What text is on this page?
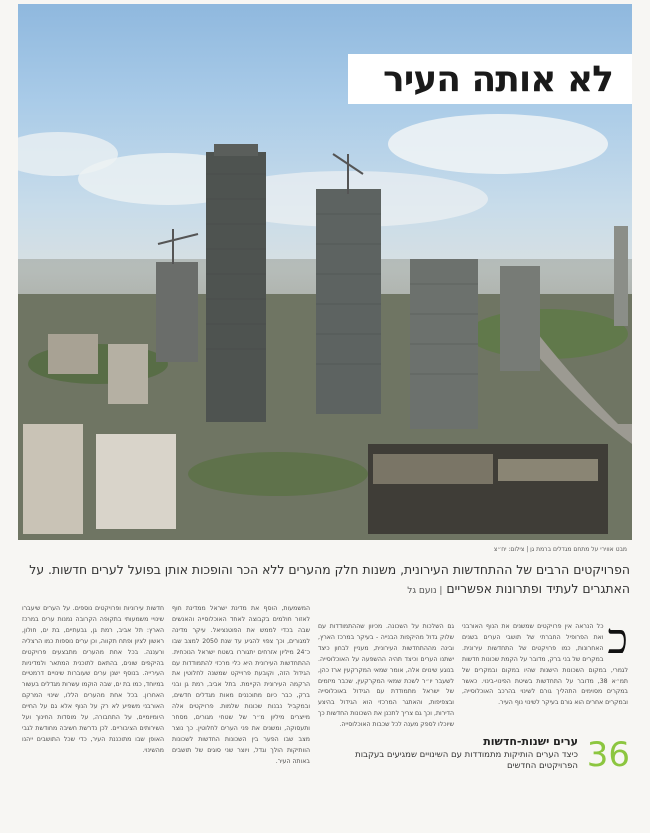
לא אותה העיר
מבט אווירי על מתחם מגדלים ברמת גן | צילום: יח״צ
הפרויקטים הרבים של ההתחדשות העירונית, משנות חלק מהערים ללא הכר והופכות אותן בפועל לערים חדשות. על האתגרים לעתיד ופתרונות אפשריים | נועם גל
כ
כל הנראה אין פרויקטים שמשנים את הנוף האורבני ואת הפרופיל החברתי של תושבי הערים בשנים האחרונות, כמו פרויקטים של התחדשות עירונית. במקרים של בני ברק, מדובר על הקמת שכונות חדשות לגמרי, במקום השכונות הישנות שהיו במקום ובמקרים של תמ״א 38, מדובר על התחדשות בשיטת הפינוי-בינוי. כאשר במקרים מסוימים התהליך גורם לשינוי בהרכב האוכלוסייה, ובמקרים אחרים הוא גורם בעיקר לשינוי נוף העיר.
גם השלכות על השכונה. מכיוון שההתמודדות עם שלוק גדול מהיקפות הבנייה - בעיקר במרכז הארץ, ובינה מההתחדשות העירונית, מעניין לבחון כיצד ישתנו הערים וכיצד תהיה ההשפעה על האוכלוסייה. בנוגע שינוים אלה, אומר שמאי המקרקעין ארז כהן, לשעבר יו״ר לשכת שמאי המקרקעין, שכבר מיזמים של ישראל מתמודדת עם הגידול באוכלוסייה ובצפיפות, והאתגר המרכזי הוא הגידול בהיצע הדירות, וכך גם צריך לתכנן את השכונות החדשות כך שיוכלו לספק מענה לכל שכבות האוכלוסייה.
המשמעות, הוסף את מדינת ישראל ממדינת חוף לאזור חולמים בקבוצה לאחד האוכלוסייה והאנשים שבה בכדי לממש את הפוטנציאל. עיקר מדינה למגורים, וכך צפוי להגיע עד שנת 2050 למצב שבו כ־24 מיליון אזרחים יתגוררו בשטח ישראל הנוכחית. ההתחדשות העירונית היא כלי מרכזי להתמודדות עם הגידול הזה, וקובעת פרוייקט שמשנה לחלוטין את הרקמה העירונית הקיימת. בתל אביב, רמת גן ובני ברק, כבר כיום מתוכננים מאות מגדלים חדשים, ובמקביל נבנות שכונות שלמות. פרויקטים אלה מייצרים מיליון מ״ר של שטחי מגורים, מסחר ותעסוקה, ומשנים את פני הערים לחלוטין. כך נוצר מצב שבו הפער בין השכונות החדשות לשכונות הוותיקות הולך וגדל, ויוצר שני סוגים של תושבים באותה העיר.
חדשות עירוניות ופרויקטים נוספים. על הערים שיעברו שינויי משמעותי בתקופה הקרובה נמנות ערים במרכז הארץ: תל אביב, רמת גן, גבעתיים, בת ים, חולון, ראשון לציון ופתח תקווה, וכן ערים נוספות כמו הרצליה ורעננה. בכל אחת מהערים מתבצעים פרויקטים בהיקפים שונים, בהתאם לתוכנית המתאר ולמדיניות העירייה. בנוסף ישנן ערים שעוברות שינויים דרמטיים במיוחד, כמו בת ים, שבה הוקמו עשרות מגדלים בעשור האחרון. בכל אחת מהערים הללו, שינוי המרקם האורבני משפיע לא רק על הנוף אלא גם על החיים היומיומיים, על התחבורה, על מוסדות החינוך ועל השירותים הציבוריים. לכן נדרשת חשיבה מחודשת לגבי האופן שבו מתוכננת העיר, כדי שכל התושבים ייהנו מהשינוי.	36
ערים ישנות-חדשות
כיצד הערים הותיקות מתמודדות עם השינויים שמגיעים בעקבות הפרויקטים החדשים
